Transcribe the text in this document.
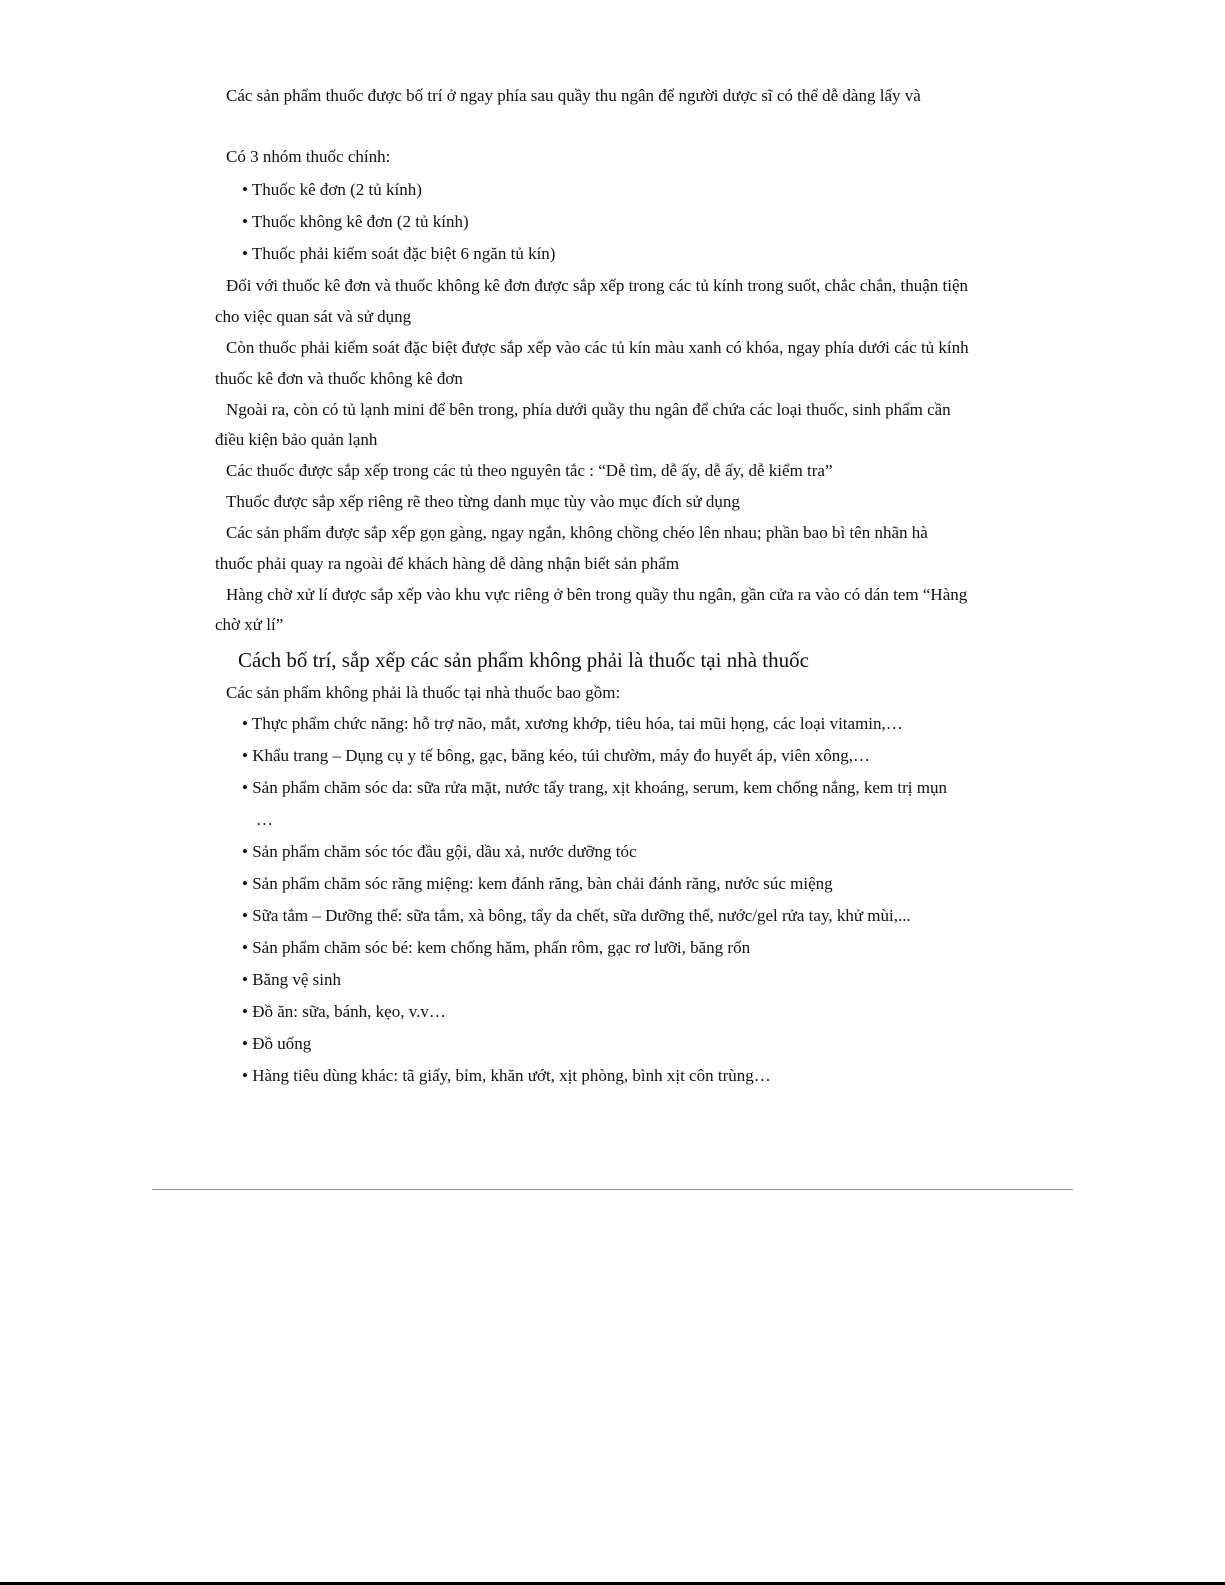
Các sản phẩm thuốc được bố trí ở ngay phía sau quầy thu ngân để người dược sĩ có thể dễ dàng lấy và
Có 3 nhóm thuốc chính:
• Thuốc kê đơn (2 tủ kính)
• Thuốc không kê đơn (2 tủ kính)
• Thuốc phải kiểm soát đặc biệt 6 ngăn tủ kín)
Đối với thuốc kê đơn và thuốc không kê đơn được sắp xếp trong các tủ kính trong suốt, chắc chắn, thuận tiện
cho việc quan sát và sử dụng
Còn thuốc phải kiểm soát đặc biệt được sắp xếp vào các tủ kín màu xanh có khóa, ngay phía dưới các tủ kính
thuốc kê đơn và thuốc không kê đơn
Ngoài ra, còn có tủ lạnh mini để bên trong, phía dưới quầy thu ngân để chứa các loại thuốc, sinh phẩm cần
điều kiện bảo quản lạnh
Các thuốc được sắp xếp trong các tủ theo nguyên tắc : “Dễ tìm, dễ ấy, dễ ấy, dễ kiểm tra”
Thuốc được sắp xếp riêng rẽ theo từng danh mục tùy vào mục đích sử dụng
Các sản phẩm được sắp xếp gọn gàng, ngay ngắn, không chồng chéo lên nhau; phần bao bì tên nhãn hà
thuốc phải quay ra ngoài để khách hàng dễ dàng nhận biết sản phẩm
Hàng chờ xử lí được sắp xếp vào khu vực riêng ở bên trong quầy thu ngân, gần cửa ra vào có dán tem “Hàng
chờ xử lí”
Cách bố trí, sắp xếp các sản phẩm không phải là thuốc tại nhà thuốc
Các sản phẩm không phải là thuốc tại nhà thuốc bao gồm:
• Thực phẩm chức năng: hỗ trợ não, mắt, xương khớp, tiêu hóa, tai mũi họng, các loại vitamin,…
• Khẩu trang – Dụng cụ y tế bông, gạc, băng kéo, túi chườm, máy đo huyết áp, viên xông,…
• Sản phẩm chăm sóc da: sữa rửa mặt, nước tẩy trang, xịt khoáng, serum, kem chống nắng, kem trị mụn
…
• Sản phẩm chăm sóc tóc đầu gội, dầu xả, nước dưỡng tóc
• Sản phẩm chăm sóc răng miệng: kem đánh răng, bàn chải đánh răng, nước súc miệng
• Sữa tắm – Dưỡng thể: sữa tắm, xà bông, tẩy da chết, sữa dưỡng thể, nước/gel rửa tay, khử mùi,...
• Sản phẩm chăm sóc bé: kem chống hăm, phấn rôm, gạc rơ lưỡi, băng rốn
• Băng vệ sinh
• Đồ ăn: sữa, bánh, kẹo, v.v…
• Đồ uống
• Hàng tiêu dùng khác: tã giấy, bỉm, khăn ướt, xịt phòng, bình xịt côn trùng…
